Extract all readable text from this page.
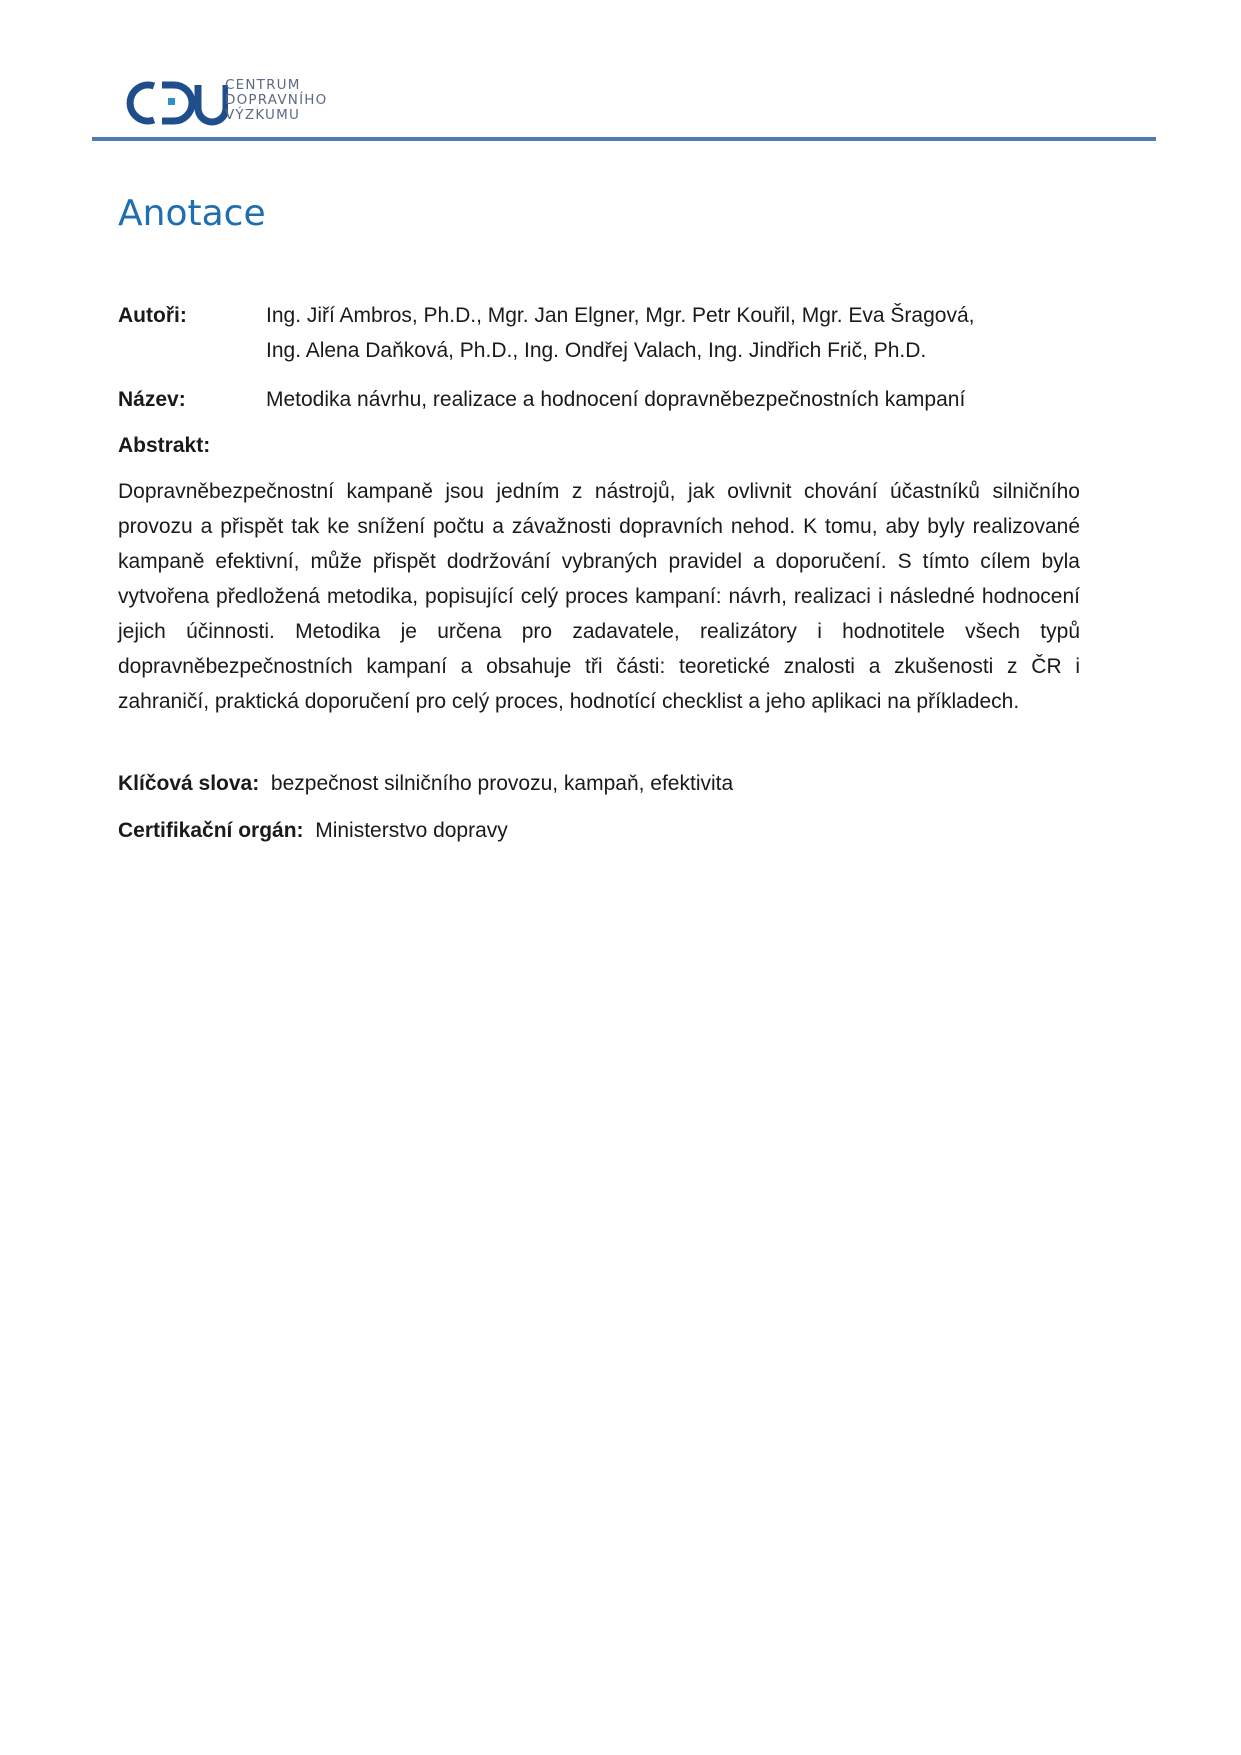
CENTRUM
DOPRAVNÍHO
VÝZKUMU
Anotace
Autoři:	Ing. Jiří Ambros, Ph.D., Mgr. Jan Elgner, Mgr. Petr Kouřil, Mgr. Eva Šragová,
Ing. Alena Daňková, Ph.D., Ing. Ondřej Valach, Ing. Jindřich Frič, Ph.D.
Název:	Metodika návrhu, realizace a hodnocení dopravněbezpečnostních kampaní
Abstrakt:

Dopravněbezpečnostní kampaně jsou jedním z nástrojů, jak ovlivnit chování účastníků silničního provozu a přispět tak ke snížení počtu a závažnosti dopravních nehod. K tomu, aby byly realizované kampaně efektivní, může přispět dodržování vybraných pravidel a doporučení. S tímto cílem byla vytvořena předložená metodika, popisující celý proces kampaní: návrh, realizaci i následné hodnocení jejich účinnosti. Metodika je určena pro zadavatele, realizátory i hodnotitele všech typů dopravněbezpečnostních kampaní a obsahuje tři části: teoretické znalosti a zkušenosti z ČR i zahraničí, praktická doporučení pro celý proces, hodnotící checklist a jeho aplikaci na příkladech.

Klíčová slova:  bezpečnost silničního provozu, kampaň, efektivita
Certifikační orgán:  Ministerstvo dopravy
